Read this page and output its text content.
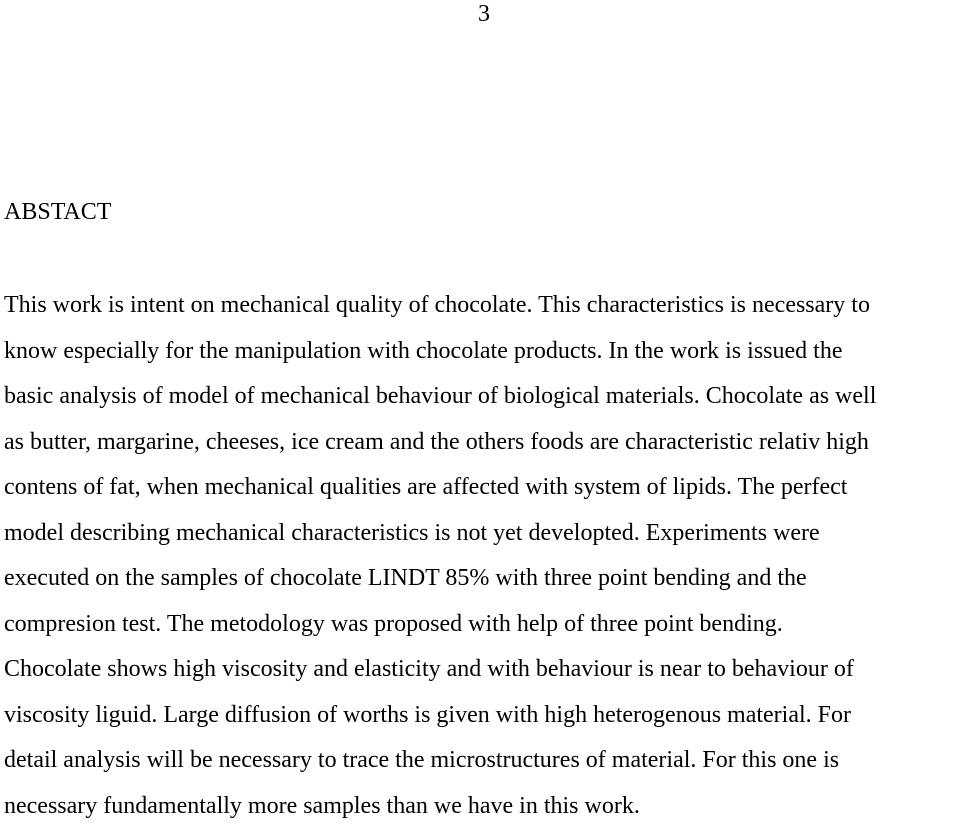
3
ABSTACT
This work is intent on mechanical quality of chocolate. This characteristics is necessary to
know especially for the manipulation with chocolate products. In the work is issued the
basic analysis of model of mechanical behaviour of biological materials. Chocolate as well
as butter, margarine, cheeses, ice cream and the others foods are characteristic relativ high
contens of fat, when mechanical qualities are affected with system of lipids. The perfect
model describing mechanical characteristics is not yet developted. Experiments were
executed on the samples of chocolate LINDT 85% with three point bending and the
compresion test. The metodology was proposed with help of three point bending.
Chocolate shows high viscosity and elasticity and with behaviour is near to behaviour of
viscosity liguid. Large diffusion of worths is given with high heterogenous material. For
detail analysis will be necessary to trace the microstructures of material. For this one is
necessary fundamentally more samples than we have in this work.
